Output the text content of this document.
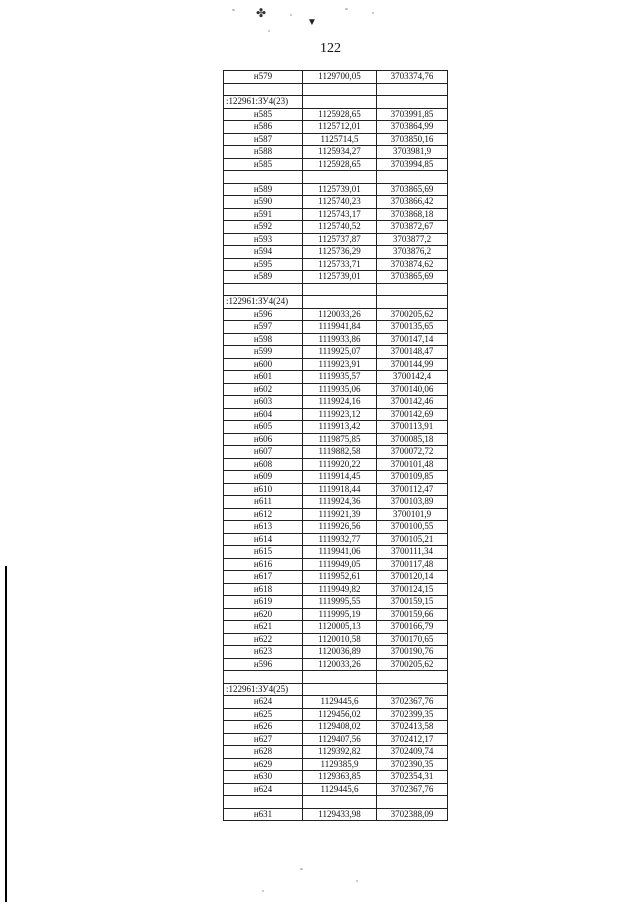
✤
▼
122
н579	1129700,05	3703374,76

:122961:ЗУ4(23)		
н585	1125928,65	3703991,85
н586	1125712,01	3703864,99
н587	1125714,5	3703850,16
н588	1125934,27	3703981,9
н585	1125928,65	3703994,85

н589	1125739,01	3703865,69
н590	1125740,23	3703866,42
н591	1125743,17	3703868,18
н592	1125740,52	3703872,67
н593	1125737,87	3703877,2
н594	1125736,29	3703876,2
н595	1125733,71	3703874,62
н589	1125739,01	3703865,69

:122961:ЗУ4(24)		
н596	1120033,26	3700205,62
н597	1119941,84	3700135,65
н598	1119933,86	3700147,14
н599	1119925,07	3700148,47
н600	1119923,91	3700144,99
н601	1119935,57	3700142,4
н602	1119935,06	3700140,06
н603	1119924,16	3700142,46
н604	1119923,12	3700142,69
н605	1119913,42	3700113,91
н606	1119875,85	3700085,18
н607	1119882,58	3700072,72
н608	1119920,22	3700101,48
н609	1119914,45	3700109,85
н610	1119918,44	3700112,47
н611	1119924,36	3700103,89
н612	1119921,39	3700101,9
н613	1119926,56	3700100,55
н614	1119932,77	3700105,21
н615	1119941,06	3700111,34
н616	1119949,05	3700117,48
н617	1119952,61	3700120,14
н618	1119949,82	3700124,15
н619	1119995,55	3700159,15
н620	1119995,19	3700159,66
н621	1120005,13	3700166,79
н622	1120010,58	3700170,65
н623	1120036,89	3700190,76
н596	1120033,26	3700205,62

:122961:ЗУ4(25)		
н624	1129445,6	3702367,76
н625	1129456,02	3702399,35
н626	1129408,02	3702413,58
н627	1129407,56	3702412,17
н628	1129392,82	3702409,74
н629	1129385,9	3702390,35
н630	1129363,85	3702354,31
н624	1129445,6	3702367,76

н631	1129433,98	3702388,09
